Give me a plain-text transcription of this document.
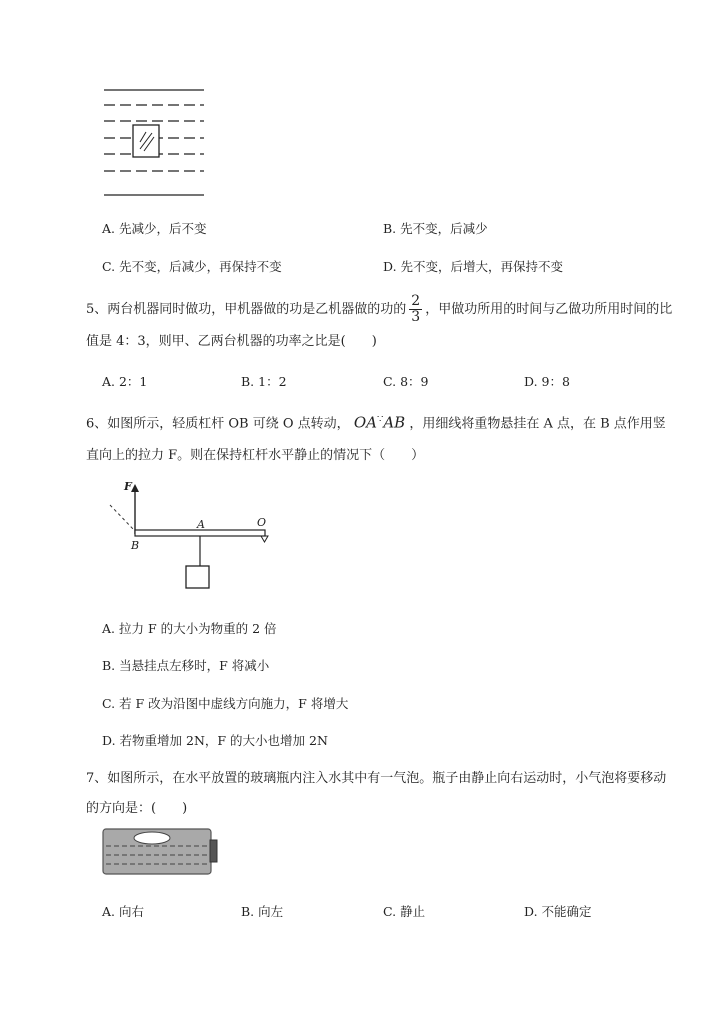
A. 先减少，后不变	B. 先不变，后减少
C. 先不变，后减少，再保持不变	D. 先不变，后增大，再保持不变
5、两台机器同时做功，甲机器做的功是乙机器做的功的 $\frac{2}{3}$ ，甲做功所用的时间与乙做功所用时间的比值是 4：3，则甲、乙两台机器的功率之比是(　　)
A. 2：1	B. 1：2	C. 8：9	D. 9：8
6、如图所示，轻质杠杆 OB 可绕 O 点转动， OA∵AB ，用细线将重物悬挂在 A 点，在 B 点作用竖直向上的拉力 F。则在保持杠杆水平静止的情况下（　　）
F
B
A	O
A. 拉力 F 的大小为物重的 2 倍
B. 当悬挂点左移时，F 将减小
C. 若 F 改为沿图中虚线方向施力，F 将增大
D. 若物重增加 2N，F 的大小也增加 2N
7、如图所示，在水平放置的玻璃瓶内注入水其中有一气泡。瓶子由静止向右运动时，小气泡将要移动的方向是：(　　)
A. 向右	B. 向左	C. 静止	D. 不能确定
